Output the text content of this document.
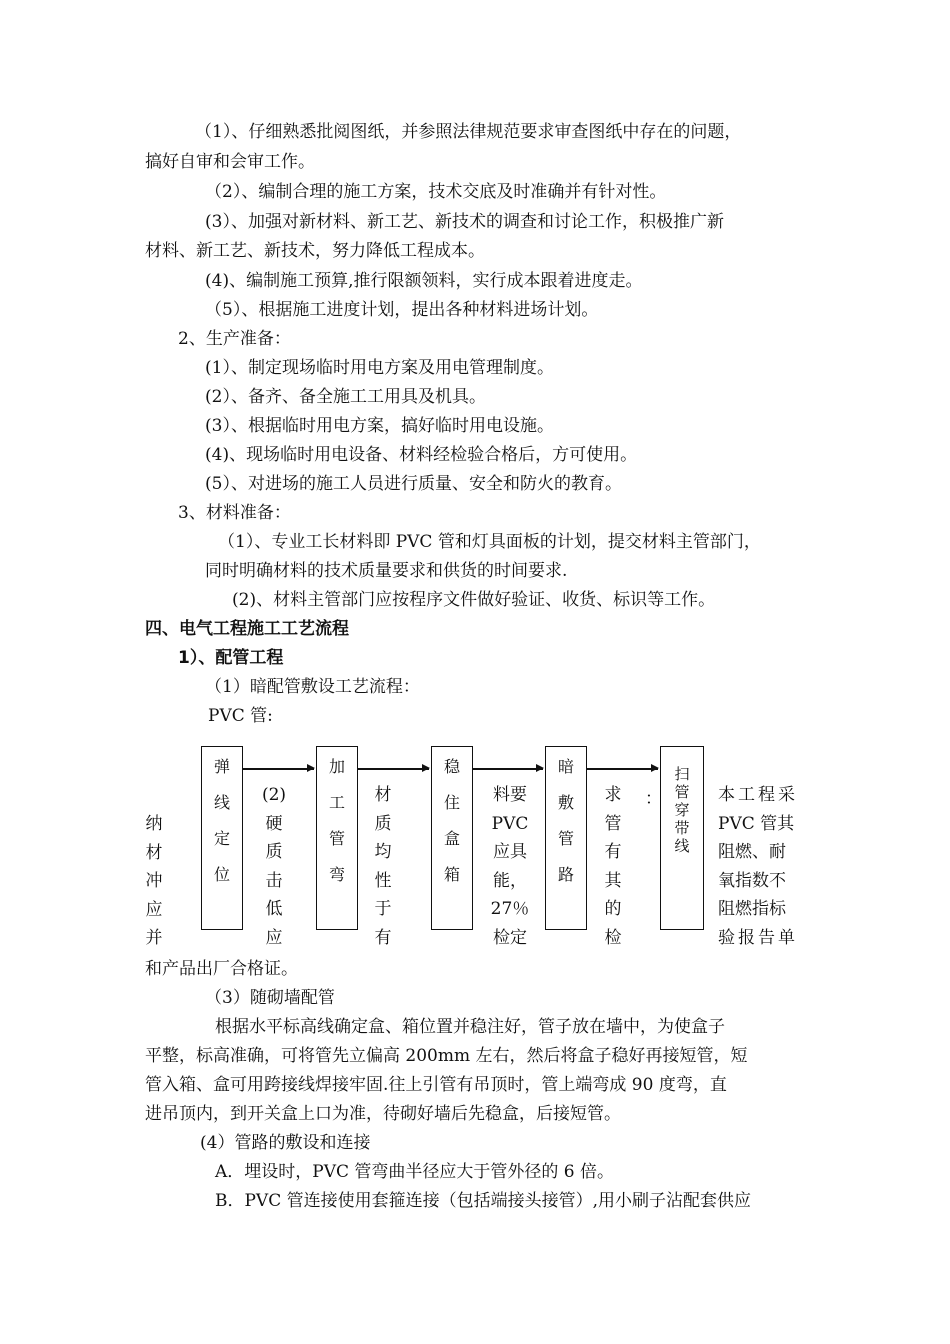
（1）、仔细熟悉批阅图纸，并参照法律规范要求审查图纸中存在的问题，
搞好自审和会审工作。
（2）、编制合理的施工方案，技术交底及时准确并有针对性。
(3）、加强对新材料、新工艺、新技术的调查和讨论工作，积极推广新
材料、新工艺、新技术，努力降低工程成本。
(4)、编制施工预算,推行限额领料，实行成本跟着进度走。
（5）、根据施工进度计划，提出各种材料进场计划。
2、生产准备：
(1）、制定现场临时用电方案及用电管理制度。
(2）、备齐、备全施工工用具及机具。
(3）、根据临时用电方案，搞好临时用电设施。
(4)、现场临时用电设备、材料经检验合格后，方可使用。
(5）、对进场的施工人员进行质量、安全和防火的教育。
3、材料准备：
（1）、专业工长材料即 PVC 管和灯具面板的计划，提交材料主管部门，
同时明确材料的技术质量要求和供货的时间要求.
(2)、材料主管部门应按程序文件做好验证、收货、标识等工作。
四、电气工程施工工艺流程
1）、配管工程
（1）暗配管敷设工艺流程：
PVC 管:
弹线定位
加工管弯
稳住盒箱
暗敷管路
扫管穿带线
纳材冲应并
(2)硬质击低应
材质均性于有
料要
PVC
应具
能，
27％
检定
求管有其的检
：	本工程采
PVC 管其
阻燃、耐
氧指数不
阻燃指标
验报告单
和产品出厂合格证。
（3）随砌墙配管
根据水平标高线确定盒、箱位置并稳注好，管子放在墙中，为使盒子
平整，标高准确，可将管先立偏高 200mm 左右，然后将盒子稳好再接短管，短
管入箱、盒可用跨接线焊接牢固.往上引管有吊顶时，管上端弯成 90 度弯，直
进吊顶内，到开关盒上口为准，待砌好墙后先稳盒，后接短管。
(4）管路的敷设和连接
A．埋设时，PVC 管弯曲半径应大于管外径的 6 倍。
B．PVC 管连接使用套箍连接（包括端接头接管）,用小刷子沾配套供应
